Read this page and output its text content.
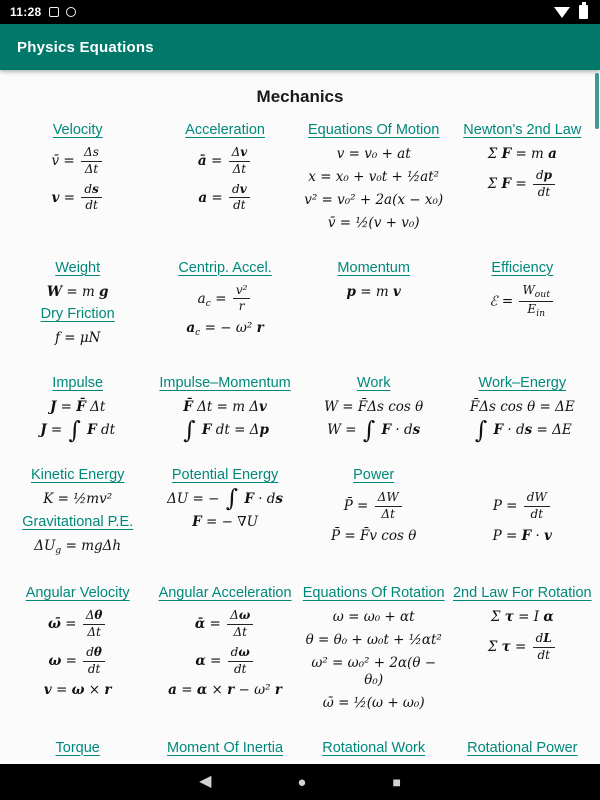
11:28
Physics Equations
Mechanics
Velocity
v̄ = $\frac{\Delta s}{\Delta t}$
$v = \frac{ds}{dt}$
Acceleration
ā = $\frac{\Delta v}{\Delta t}$
$a = \frac{dv}{dt}$
Equations Of Motion
v = v₀ + at
x = x₀ + v₀t + ½at²
v² = v₀² + 2a(x − x₀)
v̄ = ½(v + v₀)
Newton's 2nd Law
Σ F = m a
Σ $F = \frac{dp}{dt}$
Weight
W = m g
Dry Friction
f = μN
Centrip. Accel.
$a_c = \frac{\text{v²}}{r}$
$a_c$ = − ω² r
Momentum
p = m v
Efficiency
ℰ = $\frac{W_{out}}{E_{in}}$
Impulse
J = F̄ Δt
J = ∫ F dt
Impulse–Momentum
F̄ Δt = m Δv
∫ F dt = Δp
Work
W = F̄Δs cos θ
W = ∫ F · ds
Work–Energy
F̄Δs cos θ = ΔE
∫ F · ds = ΔE
Kinetic Energy
K = ½mv²
Gravitational P.E.
$\Delta U_g = mg\Delta h$
Potential Energy
ΔU = − ∫ F · ds
F = − ∇U
Power
P̄ = $\frac{\Delta W}{\Delta t}$
P̄ = F̄v cos θ
$P = \frac{dW}{dt}$
P = F · v
Angular Velocity
ω̄ = $\frac{\Delta\theta}{\Delta t}$
$\omega = \frac{d\theta}{dt}$
v = ω × r
Angular Acceleration
ᾱ = $\frac{\Delta\omega}{\Delta t}$
$\alpha = \frac{d\omega}{dt}$
a = α × r − ω² r
Equations Of Rotation
ω = ω₀ + αt
θ = θ₀ + ω₀t + ½αt²
ω² = ω₀² + 2α(θ − θ₀)
ω̄ = ½(ω + ω₀)
2nd Law For Rotation
Σ τ = I α
Σ $\tau = \frac{dL}{dt}$
Torque	Moment Of Inertia	Rotational Work	Rotational Power
◀	●	■
